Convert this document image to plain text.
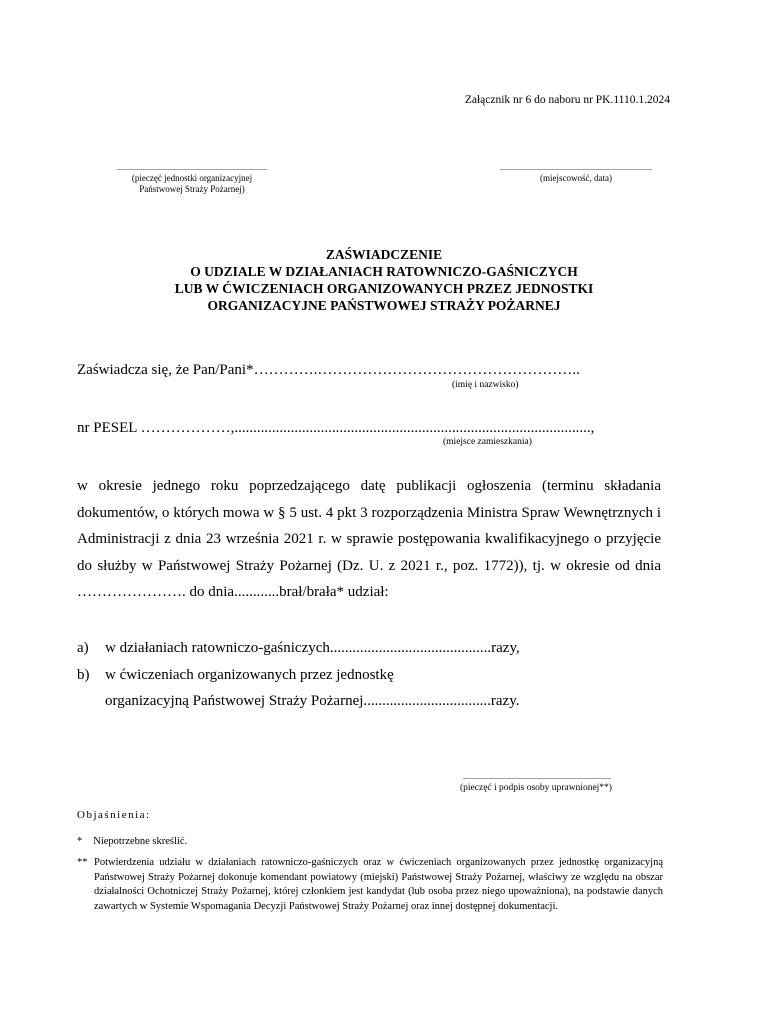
Załącznik nr 6 do naboru nr PK.1110.1.2024
...........................................................................
(pieczęć jednostki organizacyjnej
Państwowej Straży Pożarnej)
............................................................................
(miejscowość, data)
ZAŚWIADCZENIE
O UDZIALE W DZIAŁANIACH RATOWNICZO-GAŚNICZYCH
LUB W ĆWICZENIACH ORGANIZOWANYCH PRZEZ JEDNOSTKI
ORGANIZACYJNE PAŃSTWOWEJ STRAŻY POŻARNEJ
Zaświadcza się, że Pan/Pani*………….……………………………………………..
(imię i nazwisko)
nr PESEL ………………,...............................................................................................,
(miejsce zamieszkania)
w okresie jednego roku poprzedzającego datę publikacji ogłoszenia (terminu składania dokumentów, o których mowa w § 5 ust. 4 pkt 3 rozporządzenia Ministra Spraw Wewnętrznych i Administracji z dnia 23 września 2021 r. w sprawie postępowania kwalifikacyjnego o przyjęcie do służby w Państwowej Straży Pożarnej (Dz. U. z 2021 r., poz. 1772)), tj. w okresie od dnia …………………. do dnia............brał/brała* udział:
a) w działaniach ratowniczo-gaśniczych...........................................razy,
b) w ćwiczeniach organizowanych przez jednostkę
organizacyjną Państwowej Straży Pożarnej..................................razy.
..........................................................................
(pieczęć i podpis osoby uprawnionej**)
Objaśnienia:
* Niepotrzebne skreślić.
** Potwierdzenia udziału w działaniach ratowniczo-gaśniczych oraz w ćwiczeniach organizowanych przez jednostkę organizacyjną Państwowej Straży Pożarnej dokonuje komendant powiatowy (miejski) Państwowej Straży Pożarnej, właściwy ze względu na obszar działalności Ochotniczej Straży Pożarnej, której członkiem jest kandydat (lub osoba przez niego upoważniona), na podstawie danych zawartych w Systemie Wspomagania Decyzji Państwowej Straży Pożarnej oraz innej dostępnej dokumentacji.
